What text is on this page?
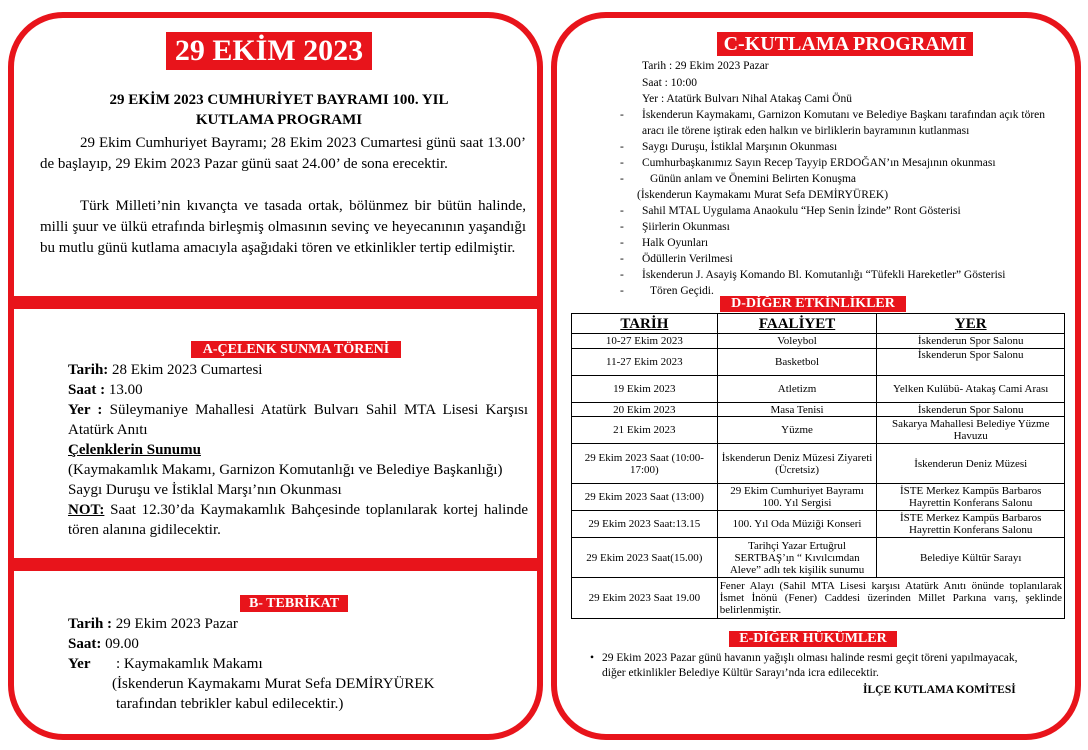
29 EKİM 2023
29 EKİM 2023 CUMHURİYET BAYRAMI 100. YIL
KUTLAMA PROGRAMI
29 Ekim Cumhuriyet Bayramı; 28 Ekim 2023 Cumartesi günü saat 13.00’ de başlayıp, 29 Ekim 2023 Pazar günü saat 24.00’ de sona erecektir.
Türk Milleti’nin kıvançta ve tasada ortak, bölünmez bir bütün halinde, milli şuur ve ülkü etrafında birleşmiş olmasının sevinç ve heyecanının yaşandığı bu mutlu günü kutlama amacıyla aşağıdaki tören ve etkinlikler tertip edilmiştir.
A-ÇELENK SUNMA TÖRENİ
Tarih: 28 Ekim 2023 Cumartesi
Saat : 13.00
Yer : Süleymaniye Mahallesi Atatürk Bulvarı Sahil MTA Lisesi Karşısı Atatürk Anıtı
Çelenklerin Sunumu
(Kaymakamlık Makamı, Garnizon Komutanlığı ve Belediye Başkanlığı)
Saygı Duruşu ve İstiklal Marşı’nın Okunması
NOT: Saat 12.30’da Kaymakamlık Bahçesinde toplanılarak kortej halinde tören alanına gidilecektir.
B- TEBRİKAT
Tarih : 29 Ekim 2023 Pazar
Saat: 09.00
Yer : Kaymakamlık Makamı
(İskenderun Kaymakamı Murat Sefa DEMİRYÜREK
tarafından tebrikler kabul edilecektir.)
C-KUTLAMA PROGRAMI
Tarih : 29 Ekim 2023 Pazar
Saat : 10:00
Yer : Atatürk Bulvarı Nihal Atakaş Cami Önü
- İskenderun Kaymakamı, Garnizon Komutanı ve Belediye Başkanı tarafından açık tören
aracı ile törene iştirak eden halkın ve birliklerin bayramının kutlanması
- Saygı Duruşu, İstiklal Marşının Okunması
- Cumhurbaşkanımız Sayın Recep Tayyip ERDOĞAN’ın Mesajının okunması
- Günün anlam ve Önemini Belirten Konuşma
(İskenderun Kaymakamı Murat Sefa DEMİRYÜREK)
- Sahil MTAL Uygulama Anaokulu “Hep Senin İzinde” Ront Gösterisi
- Şiirlerin Okunması
- Halk Oyunları
- Ödüllerin Verilmesi
- İskenderun J. Asayiş Komando Bl. Komutanlığı “Tüfekli Hareketler” Gösterisi
- Tören Geçidi.
D-DİĞER ETKİNLİKLER
TARİH	FAALİYET	YER
10-27 Ekim 2023	Voleybol	İskenderun Spor Salonu
11-27 Ekim 2023	Basketbol	İskenderun Spor Salonu
19 Ekim 2023	Atletizm	Yelken Kulübü- Atakaş Cami Arası
20 Ekim 2023	Masa Tenisi	İskenderun Spor Salonu
21 Ekim 2023	Yüzme	Sakarya Mahallesi Belediye Yüzme Havuzu
29 Ekim 2023 Saat (10:00-17:00)	İskenderun Deniz Müzesi Ziyareti (Ücretsiz)	İskenderun Deniz Müzesi
29 Ekim 2023 Saat (13:00)	29 Ekim Cumhuriyet Bayramı 100. Yıl Sergisi	İSTE Merkez Kampüs Barbaros Hayrettin Konferans Salonu
29 Ekim 2023 Saat:13.15	100. Yıl Oda Müziği Konseri	İSTE Merkez Kampüs Barbaros Hayrettin Konferans Salonu
29 Ekim 2023 Saat(15.00)	Tarihçi Yazar Ertuğrul SERTBAŞ’ın “ Kıvılcımdan Aleve” adlı tek kişilik sunumu	Belediye Kültür Sarayı
29 Ekim 2023 Saat 19.00	Fener Alayı (Sahil MTA Lisesi karşısı Atatürk Anıtı önünde toplanılarak İsmet İnönü (Fener) Caddesi üzerinden Millet Parkına varış, şeklinde belirlenmiştir.	
E-DİĞER HÜKÜMLER
• 29 Ekim 2023 Pazar günü havanın yağışlı olması halinde resmi geçit töreni yapılmayacak,
diğer etkinlikler Belediye Kültür Sarayı’nda icra edilecektir.
İLÇE KUTLAMA KOMİTESİ
